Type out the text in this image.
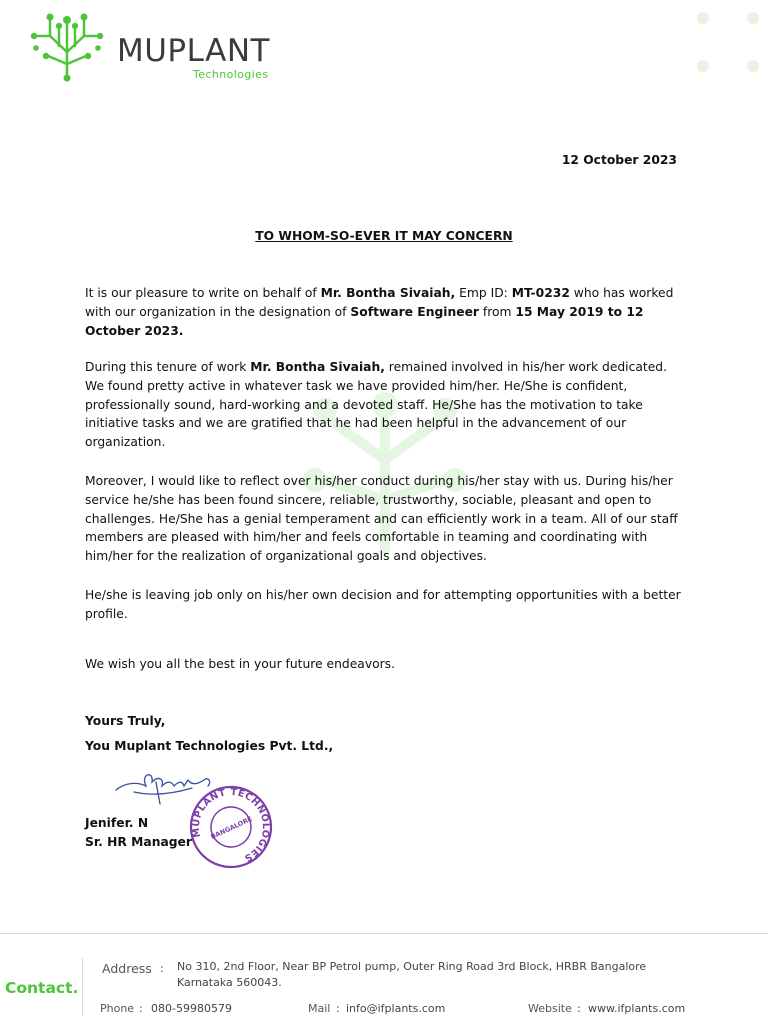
MUPLANT
Technologies
12 October 2023
TO WHOM-SO-EVER IT MAY CONCERN

It is our pleasure to write on behalf of Mr. Bontha Sivaiah, Emp ID: MT-0232 who has worked with our organization in the designation of Software Engineer from 15 May 2019 to 12 October 2023.

During this tenure of work Mr. Bontha Sivaiah, remained involved in his/her work dedicated. We found pretty active in whatever task we have provided him/her. He/She is confident, professionally sound, hard-working and a devoted staff. He/She has the motivation to take initiative tasks and we are gratified that he had been helpful in the advancement of our organization.

Moreover, I would like to reflect over his/her conduct during his/her stay with us. During his/her service he/she has been found sincere, reliable, trustworthy, sociable, pleasant and open to challenges. He/She has a genial temperament and can efficiently work in a team. All of our staff members are pleased with him/her and feels comfortable in teaming and coordinating with him/her for the realization of organizational goals and objectives.

He/she is leaving job only on his/her own decision and for attempting opportunities with a better profile.

We wish you all the best in your future endeavors.

Yours Truly,
You Muplant Technologies Pvt. Ltd.,
Jenifer. N
Sr. HR Manager
MUPLANT TECHNOLOGIES
BANGALORE
Contact.
Address : No 310, 2nd Floor, Near BP Petrol pump, Outer Ring Road 3rd Block, HRBR Bangalore
Karnataka 560043.
Phone : 080-59980579	Mail : info@ifplants.com	Website : www.ifplants.com
